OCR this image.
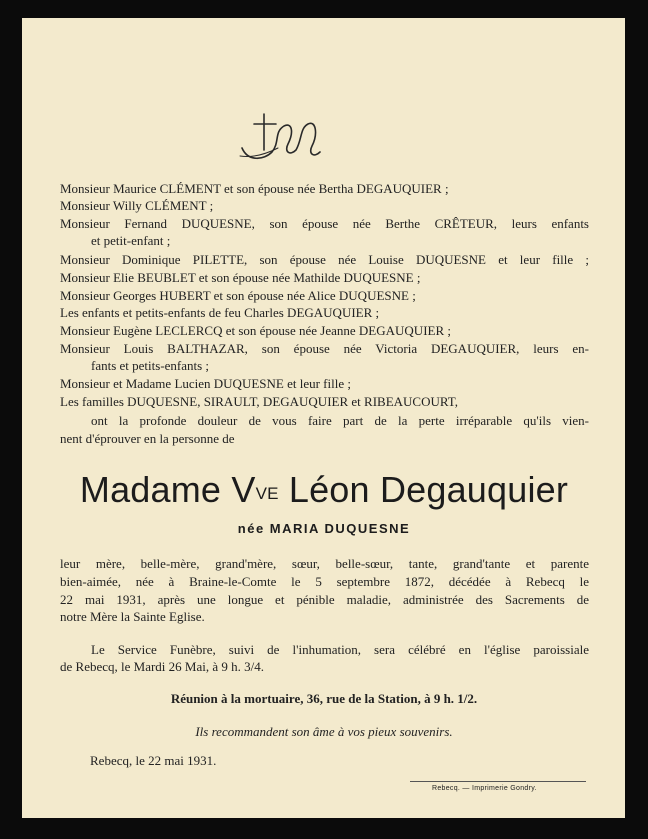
Monsieur Maurice CLÉMENT et son épouse née Bertha DEGAUQUIER ;
Monsieur Willy CLÉMENT ;
Monsieur Fernand DUQUESNE, son épouse née Berthe CRÊTEUR, leurs enfants
et petit-enfant ;
Monsieur Dominique PILETTE, son épouse née Louise DUQUESNE et leur fille ;
Monsieur Elie BEUBLET et son épouse née Mathilde DUQUESNE ;
Monsieur Georges HUBERT et son épouse née Alice DUQUESNE ;
Les enfants et petits-enfants de feu Charles DEGAUQUIER ;
Monsieur Eugène LECLERCQ et son épouse née Jeanne DEGAUQUIER ;
Monsieur Louis BALTHAZAR, son épouse née Victoria DEGAUQUIER, leurs en-
fants et petits-enfants ;
Monsieur et Madame Lucien DUQUESNE et leur fille ;
Les familles DUQUESNE, SIRAULT, DEGAUQUIER et RIBEAUCOURT,
ont la profonde douleur de vous faire part de la perte irréparable qu'ils vien-
nent d'éprouver en la personne de
Madame $V^{VE}$ Léon Degauquier
née MARIA DUQUESNE
leur mère, belle-mère, grand'mère, sœur, belle-sœur, tante, grand'tante et parente
bien-aimée, née à Braine-le-Comte le 5 septembre 1872, décédée à Rebecq le
22 mai 1931, après une longue et pénible maladie, administrée des Sacrements de
notre Mère la Sainte Eglise.
Le Service Funèbre, suivi de l'inhumation, sera célébré en l'église paroissiale
de Rebecq, le Mardi 26 Mai, à 9 h. 3/4.
Réunion à la mortuaire, 36, rue de la Station, à 9 h. 1/2.
Ils recommandent son âme à vos pieux souvenirs.
Rebecq, le 22 mai 1931.
Rebecq. — Imprimerie Gondry.
